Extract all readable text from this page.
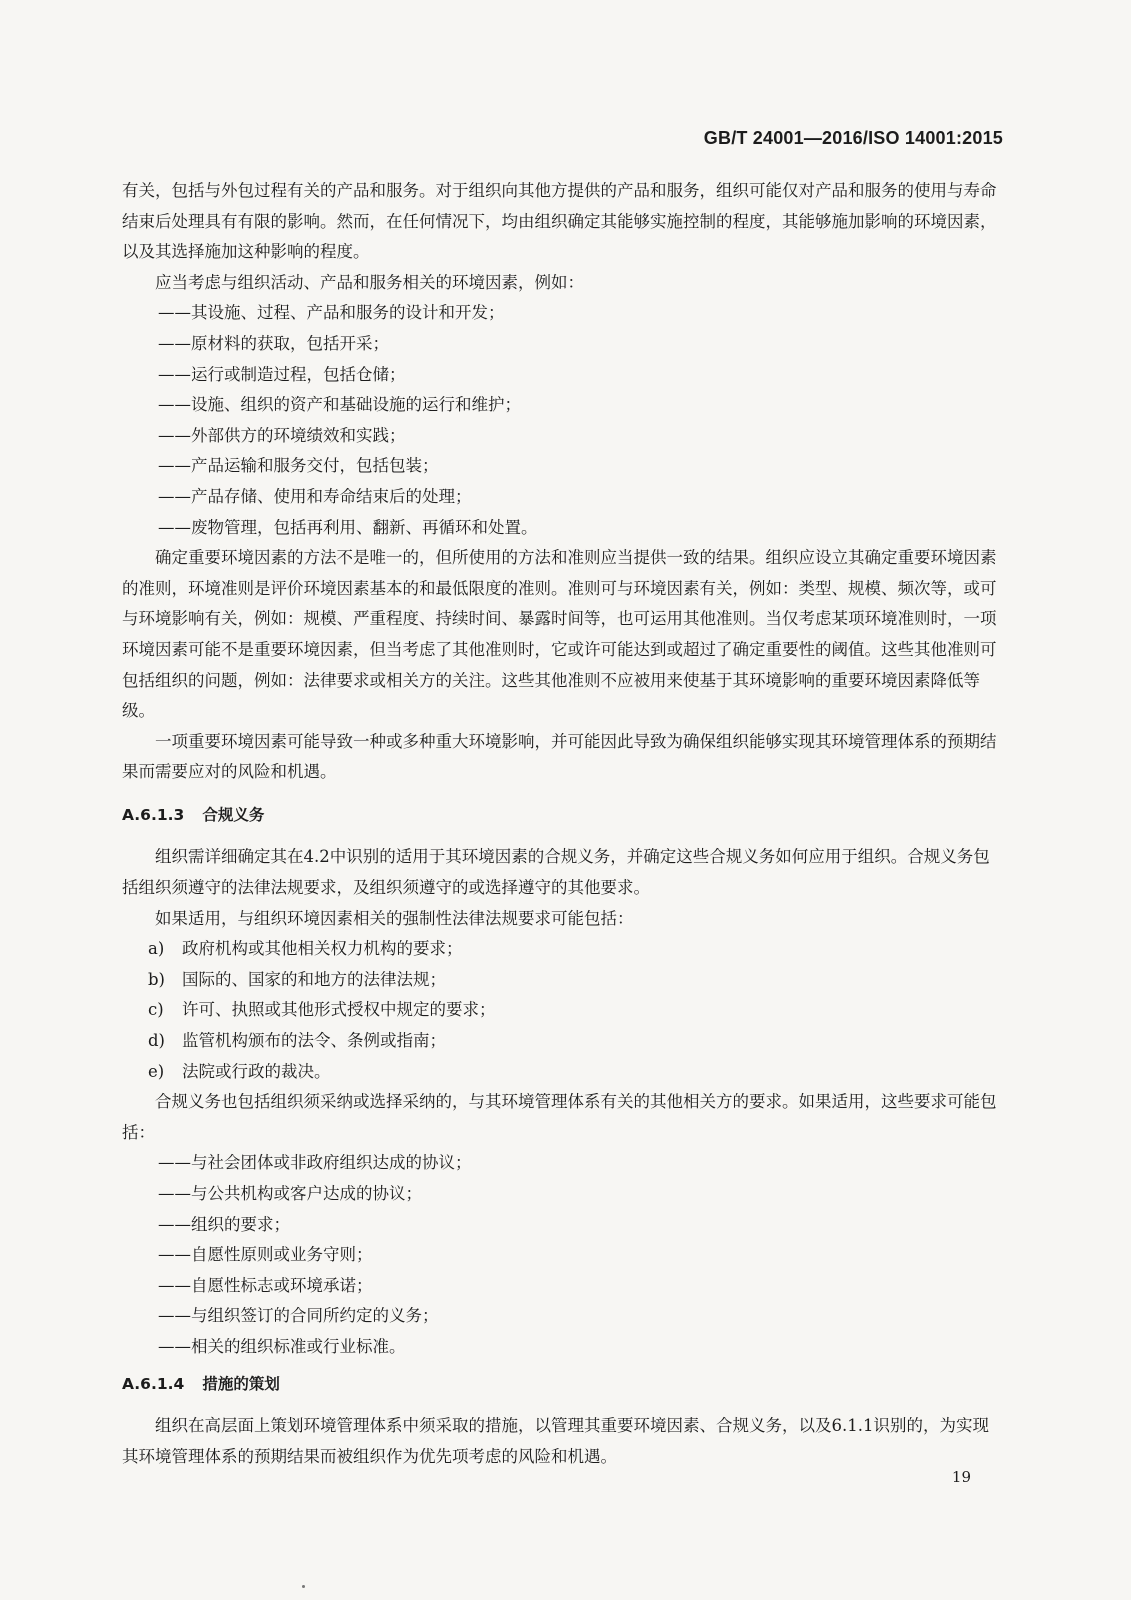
GB/T 24001—2016/ISO 14001:2015

有关，包括与外包过程有关的产品和服务。对于组织向其他方提供的产品和服务，组织可能仅对产品和服务的使用与寿命结束后处理具有有限的影响。然而，在任何情况下，均由组织确定其能够实施控制的程度，其能够施加影响的环境因素，以及其选择施加这种影响的程度。

应当考虑与组织活动、产品和服务相关的环境因素，例如：

——其设施、过程、产品和服务的设计和开发；

——原材料的获取，包括开采；

——运行或制造过程，包括仓储；

——设施、组织的资产和基础设施的运行和维护；

——外部供方的环境绩效和实践；

——产品运输和服务交付，包括包装；

——产品存储、使用和寿命结束后的处理；

——废物管理，包括再利用、翻新、再循环和处置。

确定重要环境因素的方法不是唯一的，但所使用的方法和准则应当提供一致的结果。组织应设立其确定重要环境因素的准则，环境准则是评价环境因素基本的和最低限度的准则。准则可与环境因素有关，例如：类型、规模、频次等，或可与环境影响有关，例如：规模、严重程度、持续时间、暴露时间等，也可运用其他准则。当仅考虑某项环境准则时，一项环境因素可能不是重要环境因素，但当考虑了其他准则时，它或许可能达到或超过了确定重要性的阈值。这些其他准则可包括组织的问题，例如：法律要求或相关方的关注。这些其他准则不应被用来使基于其环境影响的重要环境因素降低等级。

一项重要环境因素可能导致一种或多种重大环境影响，并可能因此导致为确保组织能够实现其环境管理体系的预期结果而需要应对的风险和机遇。

A.6.1.3 合规义务

组织需详细确定其在4.2中识别的适用于其环境因素的合规义务，并确定这些合规义务如何应用于组织。合规义务包括组织须遵守的法律法规要求，及组织须遵守的或选择遵守的其他要求。

如果适用，与组织环境因素相关的强制性法律法规要求可能包括：

a) 政府机构或其他相关权力机构的要求；

b) 国际的、国家的和地方的法律法规；

c) 许可、执照或其他形式授权中规定的要求；

d) 监管机构颁布的法令、条例或指南；

e) 法院或行政的裁决。

合规义务也包括组织须采纳或选择采纳的，与其环境管理体系有关的其他相关方的要求。如果适用，这些要求可能包括：

——与社会团体或非政府组织达成的协议；

——与公共机构或客户达成的协议；

——组织的要求；

——自愿性原则或业务守则；

——自愿性标志或环境承诺；

——与组织签订的合同所约定的义务；

——相关的组织标准或行业标准。

A.6.1.4 措施的策划

组织在高层面上策划环境管理体系中须采取的措施，以管理其重要环境因素、合规义务，以及6.1.1识别的，为实现其环境管理体系的预期结果而被组织作为优先项考虑的风险和机遇。

19
